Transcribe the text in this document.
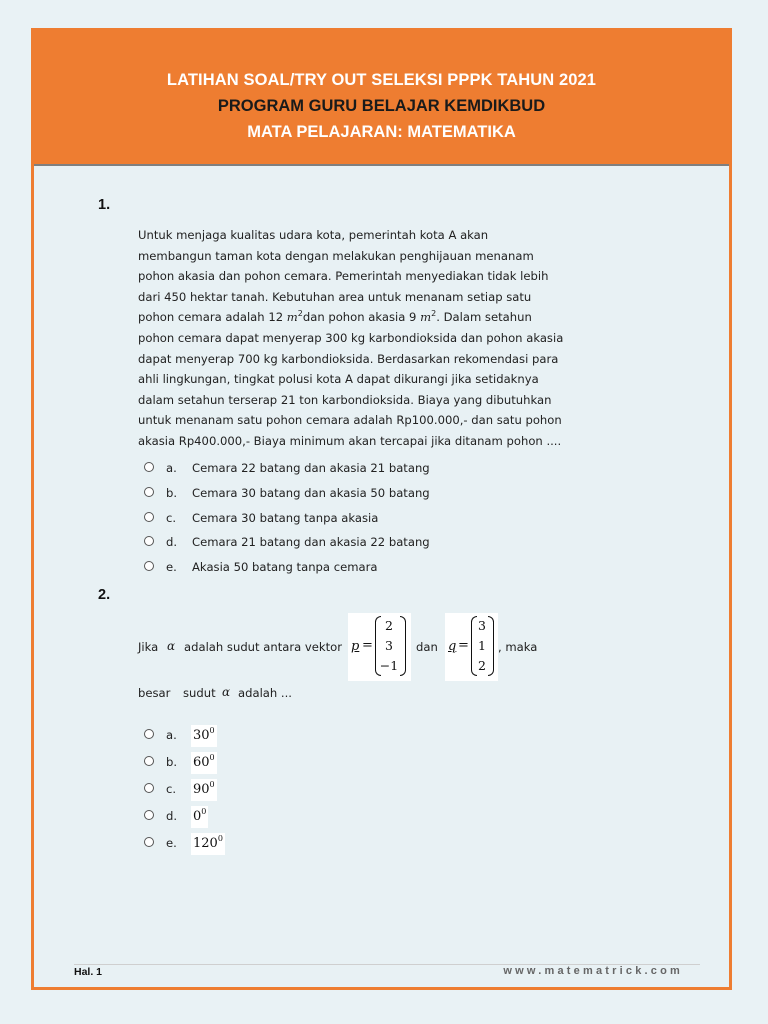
LATIHAN SOAL/TRY OUT SELEKSI PPPK TAHUN 2021
PROGRAM GURU BELAJAR KEMDIKBUD
MATA PELAJARAN: MATEMATIKA
1.
Untuk menjaga kualitas udara kota, pemerintah kota A akan
membangun taman kota dengan melakukan penghijauan menanam
pohon akasia dan pohon cemara. Pemerintah menyediakan tidak lebih
dari 450 hektar tanah. Kebutuhan area untuk menanam setiap satu
pohon cemara adalah 12 $m^2dan$ pohon akasia 9 $m^2$. Dalam setahun
pohon cemara dapat menyerap 300 kg karbondioksida dan pohon akasia
dapat menyerap 700 kg karbondioksida. Berdasarkan rekomendasi para
ahli lingkungan, tingkat polusi kota A dapat dikurangi jika setidaknya
dalam setahun terserap 21 ton karbondioksida. Biaya yang dibutuhkan
untuk menanam satu pohon cemara adalah Rp100.000,- dan satu pohon
akasia Rp400.000,- Biaya minimum akan tercapai jika ditanam pohon ....
a. Cemara 22 batang dan akasia 21 batang
b. Cemara 30 batang dan akasia 50 batang
c. Cemara 30 batang tanpa akasia
d. Cemara 21 batang dan akasia 22 batang
e. Akasia 50 batang tanpa cemara
2.
Jika α adalah sudut antara vektor p =
2
3
−1
dan q =
3
1
2
, maka
besar sudut α adalah ...
a. $30^0$
b. $60^0$
c. $90^0$
d. $0^0$
e. $120^0$
Hal. 1	www.matematrick.com
